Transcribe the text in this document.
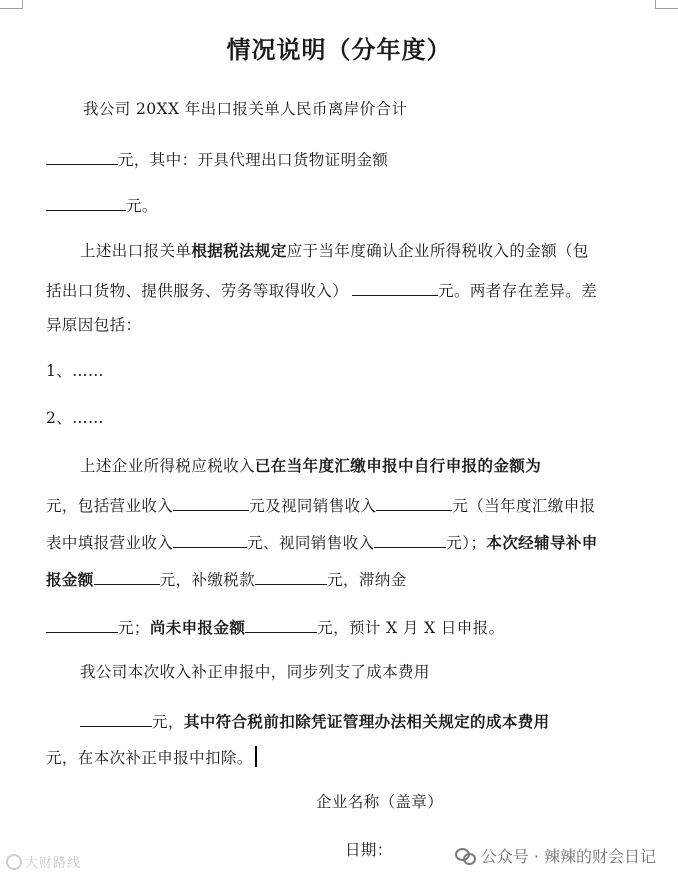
情况说明（分年度）
我公司 20XX 年出口报关单人民币离岸价合计
元，其中：开具代理出口货物证明金额
元。
上述出口报关单根据税法规定应于当年度确认企业所得税收入的金额（包
括出口货物、提供服务、劳务等取得收入）	元。两者存在差异。差
异原因包括：
1、……
2、……
上述企业所得税应税收入已在当年度汇缴申报中自行申报的金额为
元，包括营业收入	元及视同销售收入	元（当年度汇缴申报
表中填报营业收入	元、视同销售收入	元）；本次经辅导补申
报金额	元，补缴税款	元，滞纳金
元；尚未申报金额	元，预计 X 月 X 日申报。
我公司本次收入补正申报中，同步列支了成本费用
元，其中符合税前扣除凭证管理办法相关规定的成本费用
元，在本次补正申报中扣除。
企业名称（盖章）
日期：
大财路线	公众号 · 辣辣的财会日记
